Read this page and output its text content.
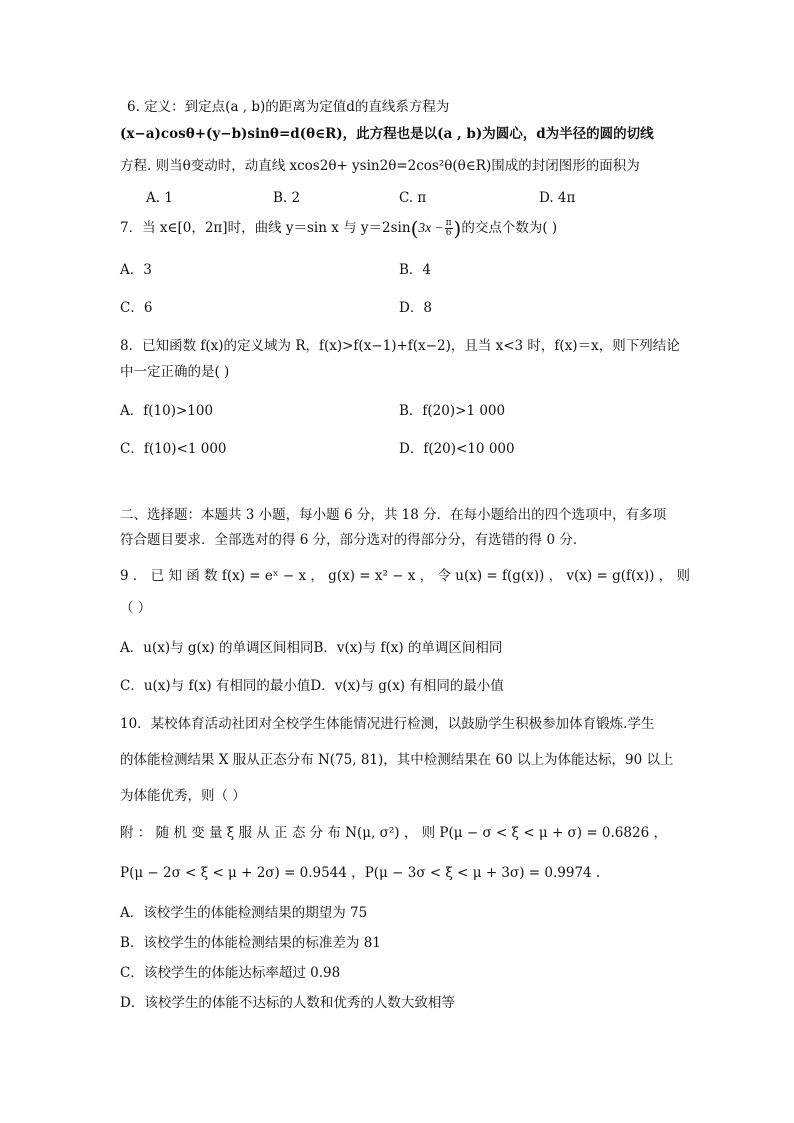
6. 定义：到定点(a , b)的距离为定值d的直线系方程为
(x−a)cosθ+(y−b)sinθ=d(θ∈R)，此方程也是以(a , b)为圆心，d为半径的圆的切线
方程. 则当θ变动时，动直线 xcos2θ+ ysin2θ=2cos²θ(θ∈R)围成的封闭图形的面积为
A. 1	B. 2	C. π	D. 4π
7．当 x∈[0，2π]时，曲线 y＝sin x 与 $y=2\sin(3x - \frac{\pi}{6}$ )的交点个数为( )
A．3	B．4
C．6	D．8
8．已知函数 f(x)的定义域为 R，f(x)>f(x−1)+f(x−2)，且当 x<3 时，f(x)＝x，则下列结论
中一定正确的是( )
A．f(10)>100	B．f(20)>1 000
C．f(10)<1 000	D．f(20)<10 000
二、选择题：本题共 3 小题，每小题 6 分，共 18 分．在每小题给出的四个选项中，有多项
符合题目要求．全部选对的得 6 分，部分选对的得部分分，有选错的得 0 分．
9 ． 已 知 函 数 f(x) = eˣ − x ， g(x) = x² − x ， 令 u(x) = f(g(x)) ， v(x) = g(f(x)) ， 则
（ ）
A．u(x)与 g(x) 的单调区间相同B．v(x)与 f(x) 的单调区间相同
C．u(x)与 f(x) 有相同的最小值D．v(x)与 g(x) 有相同的最小值
10．某校体育活动社团对全校学生体能情况进行检测，以鼓励学生积极参加体育锻炼.学生
的体能检测结果 X 服从正态分布 N(75, 81)，其中检测结果在 60 以上为体能达标，90 以上
为体能优秀，则（ ）
附 ： 随 机 变 量 ξ 服 从 正 态 分 布 N(μ, σ²) ， 则 P(μ − σ < ξ < μ + σ) = 0.6826 ，
P(μ − 2σ < ξ < μ + 2σ) = 0.9544 ，P(μ − 3σ < ξ < μ + 3σ) = 0.9974 .
A．该校学生的体能检测结果的期望为 75
B．该校学生的体能检测结果的标准差为 81
C．该校学生的体能达标率超过 0.98
D．该校学生的体能不达标的人数和优秀的人数大致相等
